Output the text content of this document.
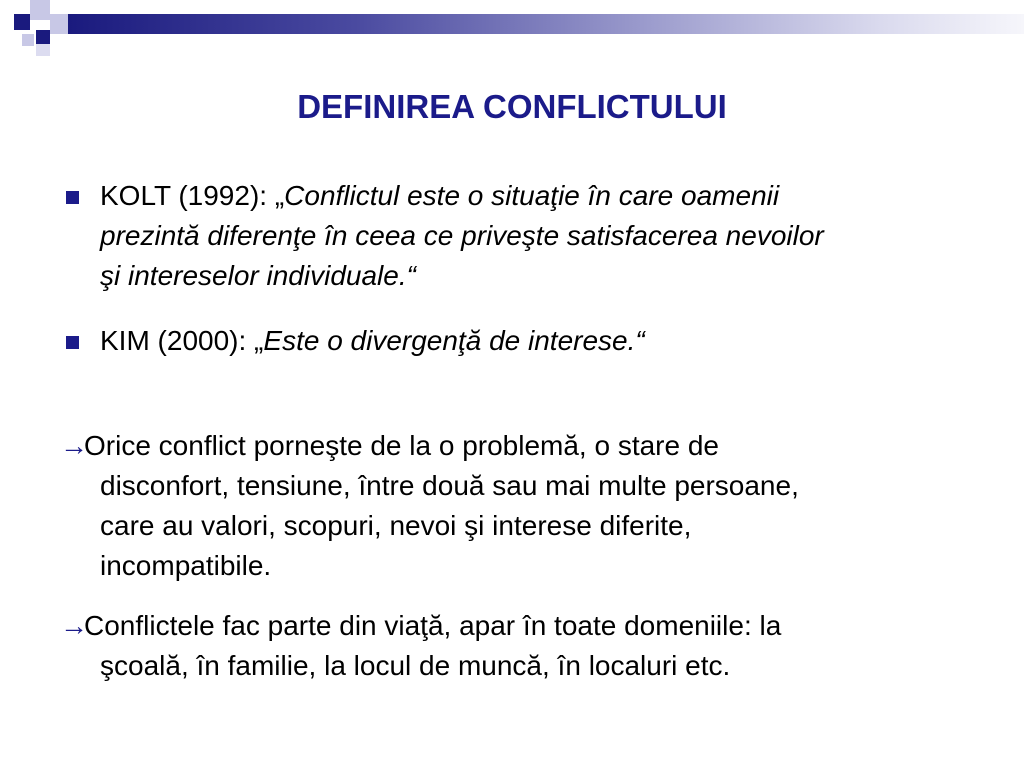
DEFINIREA CONFLICTULUI
KOLT (1992): „Conflictul este o situaţie în care oamenii
prezintă diferenţe în ceea ce priveşte satisfacerea nevoilor
şi intereselor individuale.“
KIM (2000): „Este o divergenţă de interese.“
→
Orice conflict porneşte de la o problemă, o stare de
disconfort, tensiune, între două sau mai multe persoane,
care au valori, scopuri, nevoi şi interese diferite,
incompatibile.
→
Conflictele fac parte din viaţă, apar în toate domeniile: la
şcoală, în familie, la locul de muncă, în localuri etc.
